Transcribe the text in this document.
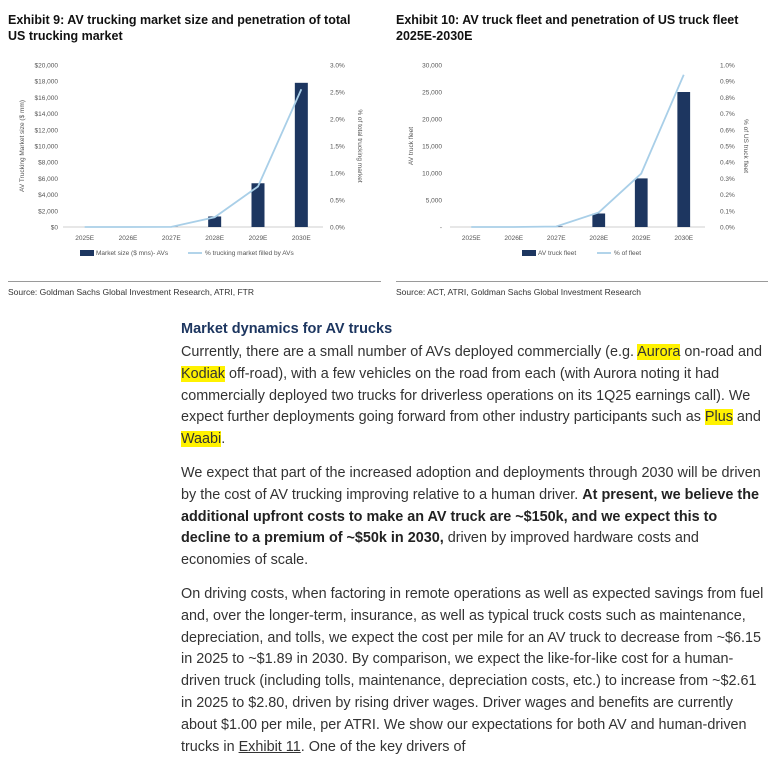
Exhibit 9: AV trucking market size and penetration of total US trucking market
$0
$2,000
$4,000
$6,000
$8,000
$10,000
$12,000
$14,000
$16,000
$18,000
$20,000
0.0%
0.5%
1.0%
1.5%
2.0%
2.5%
3.0%
AV Trucking Market size ($ mm)	% of total trucking market
2025E	2026E	2027E	2028E	2029E	2030E
Market size ($ mns)- AVs	% trucking market filled by AVs
Source: Goldman Sachs Global Investment Research, ATRI, FTR
Exhibit 10: AV truck fleet and penetration of US truck fleet 2025E-2030E
-
5,000
10,000
15,000
20,000
25,000
30,000
0.0%
0.1%
0.2%
0.3%
0.4%
0.5%
0.6%
0.7%
0.8%
0.9%
1.0%
AV truck fleet	% of US truck fleet
2025E	2026E	2027E	2028E	2029E	2030E
AV truck fleet	% of fleet
Source: ACT, ATRI, Goldman Sachs Global Investment Research
Market dynamics for AV trucks

Currently, there are a small number of AVs deployed commercially (e.g. Aurora on-road and Kodiak off-road), with a few vehicles on the road from each (with Aurora noting it had commercially deployed two trucks for driverless operations on its 1Q25 earnings call). We expect further deployments going forward from other industry participants such as Plus and Waabi.

We expect that part of the increased adoption and deployments through 2030 will be driven by the cost of AV trucking improving relative to a human driver. At present, we believe the additional upfront costs to make an AV truck are ~$150k, and we expect this to decline to a premium of ~$50k in 2030, driven by improved hardware costs and economies of scale.

On driving costs, when factoring in remote operations as well as expected savings from fuel and, over the longer-term, insurance, as well as typical truck costs such as maintenance, depreciation, and tolls, we expect the cost per mile for an AV truck to decrease from ~$6.15 in 2025 to ~$1.89 in 2030. By comparison, we expect the like-for-like cost for a human-driven truck (including tolls, maintenance, depreciation costs, etc.) to increase from ~$2.61 in 2025 to $2.80, driven by rising driver wages. Driver wages and benefits are currently about $1.00 per mile, per ATRI. We show our expectations for both AV and human-driven trucks in Exhibit 11. One of the key drivers of
